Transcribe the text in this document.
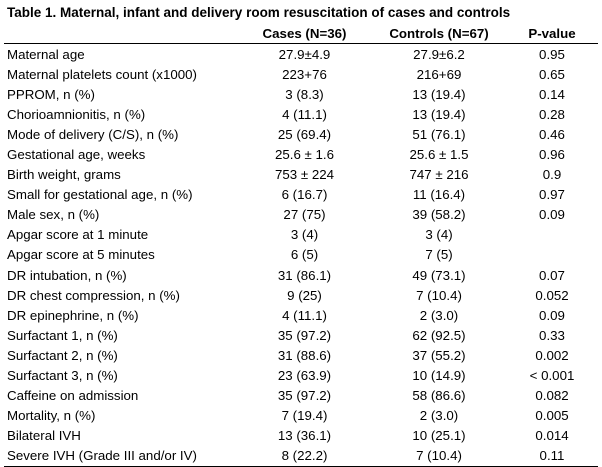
Table 1. Maternal, infant and delivery room resuscitation of cases and controls
	Cases (N=36)	Controls (N=67)	P-value
Maternal age	27.9±4.9	27.9±6.2	0.95
Maternal platelets count (x1000)	223+76	216+69	0.65
PPROM, n (%)	3 (8.3)	13 (19.4)	0.14
Chorioamnionitis, n (%)	4 (11.1)	13 (19.4)	0.28
Mode of delivery (C/S), n (%)	25 (69.4)	51 (76.1)	0.46
Gestational age, weeks	25.6 ± 1.6	25.6 ± 1.5	0.96
Birth weight, grams	753 ± 224	747 ± 216	0.9
Small for gestational age, n (%)	6 (16.7)	11 (16.4)	0.97
Male sex, n (%)	27 (75)	39 (58.2)	0.09
Apgar score at 1 minute	3 (4)	3 (4)	
Apgar score at 5 minutes	6 (5)	7 (5)	
DR intubation, n (%)	31 (86.1)	49 (73.1)	0.07
DR chest compression, n (%)	9 (25)	7 (10.4)	0.052
DR epinephrine, n (%)	4 (11.1)	2 (3.0)	0.09
Surfactant 1, n (%)	35 (97.2)	62 (92.5)	0.33
Surfactant 2, n (%)	31 (88.6)	37 (55.2)	0.002
Surfactant 3, n (%)	23 (63.9)	10 (14.9)	< 0.001
Caffeine on admission	35 (97.2)	58 (86.6)	0.082
Mortality, n (%)	7 (19.4)	2 (3.0)	0.005
Bilateral IVH	13 (36.1)	10 (25.1)	0.014
Severe IVH (Grade III and/or IV)	8 (22.2)	7 (10.4)	0.11
